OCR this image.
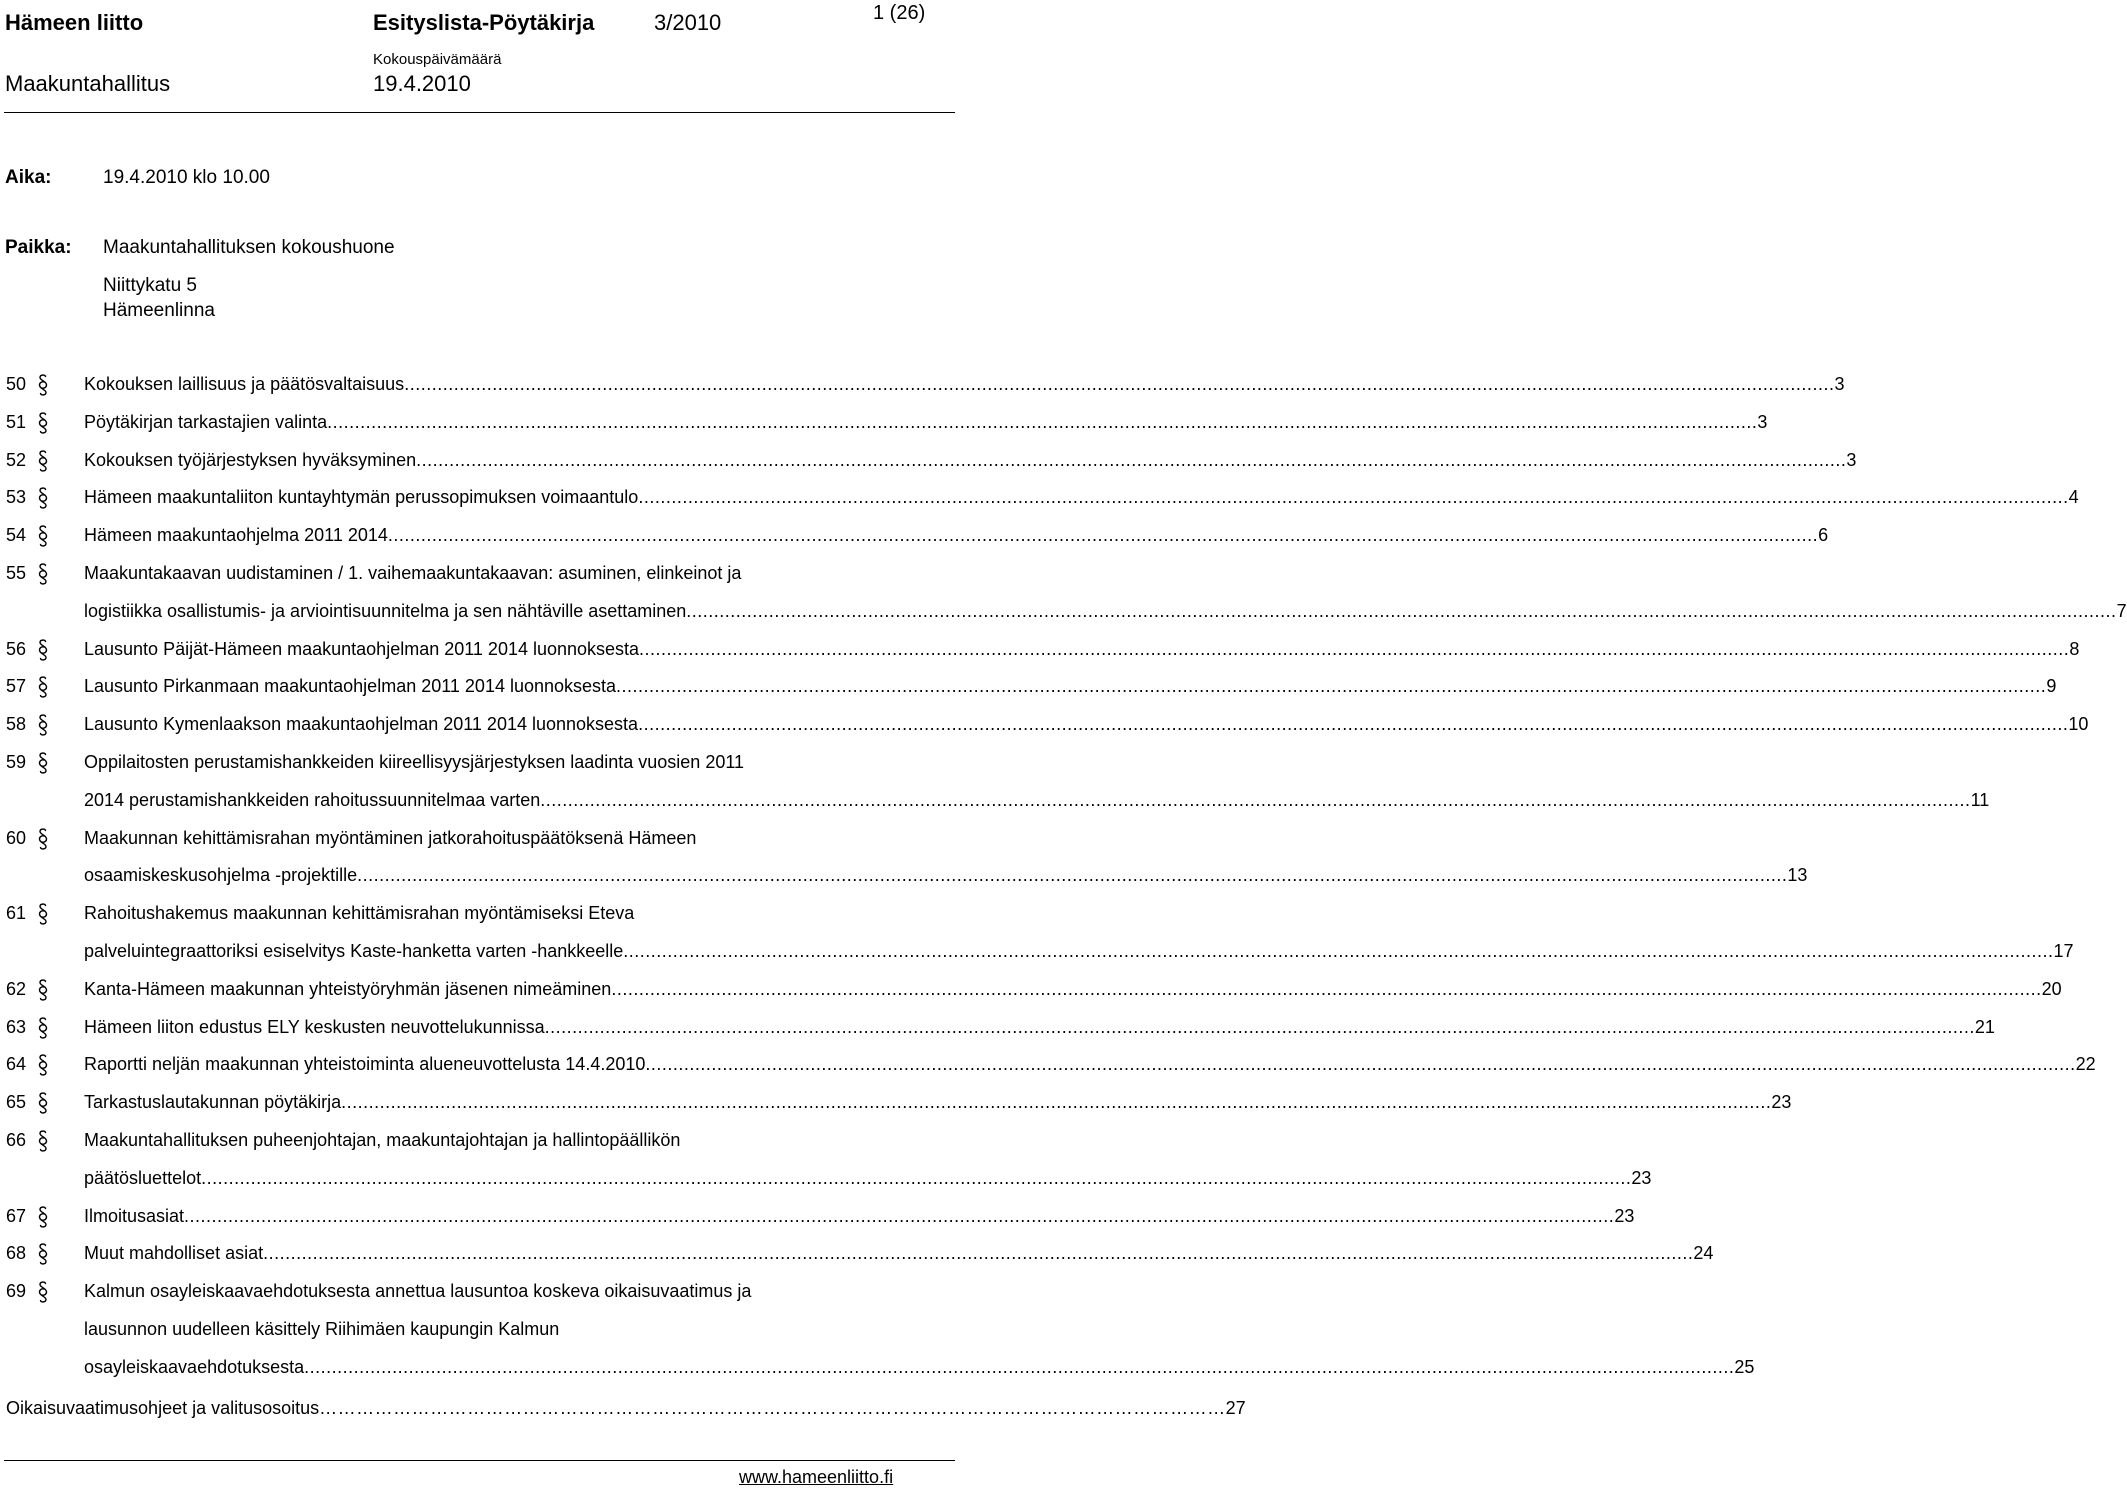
Hämeen liitto	Esityslista-Pöytäkirja	3/2010	1 (26)
Maakuntahallitus
Kokouspäivämäärä
19.4.2010
Aika:	19.4.2010 klo 10.00
Paikka: Maakuntahallituksen kokoushuone
Niittykatu 5
Hämeenlinna
50	Kokouksen laillisuus ja päätösvaltaisuus .................................................................................................................................................................................................................................................................... 3
51	Pöytäkirjan tarkastajien valinta .................................................................................................................................................................................................................................................................... 3
52	Kokouksen työjärjestyksen hyväksyminen .................................................................................................................................................................................................................................................................... 3
53	Hämeen maakuntaliiton kuntayhtymän perussopimuksen voimaantulo .................................................................................................................................................................................................................................................................... 4
54	Hämeen maakuntaohjelma 2011 2014 .................................................................................................................................................................................................................................................................... 6
55	Maakuntakaavan uudistaminen / 1. vaihemaakuntakaavan: asuminen, elinkeinot ja
logistiikka osallistumis- ja arviointisuunnitelma ja sen nähtäville asettaminen .................................................................................................................................................................................................................................................................... 7
56	Lausunto Päijät-Hämeen maakuntaohjelman 2011 2014 luonnoksesta .................................................................................................................................................................................................................................................................... 8
57	Lausunto Pirkanmaan maakuntaohjelman 2011 2014 luonnoksesta .................................................................................................................................................................................................................................................................... 9
58	Lausunto Kymenlaakson maakuntaohjelman 2011 2014 luonnoksesta .................................................................................................................................................................................................................................................................... 10
59	Oppilaitosten perustamishankkeiden kiireellisyysjärjestyksen laadinta vuosien 2011
2014 perustamishankkeiden rahoitussuunnitelmaa varten .................................................................................................................................................................................................................................................................... 11
60	Maakunnan kehittämisrahan myöntäminen jatkorahoituspäätöksenä Hämeen
osaamiskeskusohjelma -projektille .................................................................................................................................................................................................................................................................... 13
61	Rahoitushakemus maakunnan kehittämisrahan myöntämiseksi Eteva
palveluintegraattoriksi esiselvitys Kaste-hanketta varten -hankkeelle .................................................................................................................................................................................................................................................................... 17
62	Kanta-Hämeen maakunnan yhteistyöryhmän jäsenen nimeäminen .................................................................................................................................................................................................................................................................... 20
63	Hämeen liiton edustus ELY keskusten neuvottelukunnissa .................................................................................................................................................................................................................................................................... 21
64	Raportti neljän maakunnan yhteistoiminta alueneuvottelusta 14.4.2010 .................................................................................................................................................................................................................................................................... 22
65	Tarkastuslautakunnan pöytäkirja .................................................................................................................................................................................................................................................................... 23
66	Maakuntahallituksen puheenjohtajan, maakuntajohtajan ja hallintopäällikön
päätösluettelot .................................................................................................................................................................................................................................................................... 23
67	Ilmoitusasiat .................................................................................................................................................................................................................................................................... 23
68	Muut mahdolliset asiat .................................................................................................................................................................................................................................................................... 24
69	Kalmun osayleiskaavaehdotuksesta annettua lausuntoa koskeva oikaisuvaatimus ja
lausunnon uudelleen käsittely Riihimäen kaupungin Kalmun
osayleiskaavaehdotuksesta .................................................................................................................................................................................................................................................................... 25
Oikaisuvaatimusohjeet ja valitusosoitus ………………………………………………………………………………………………………………………………… 27
www.hameenliitto.fi
